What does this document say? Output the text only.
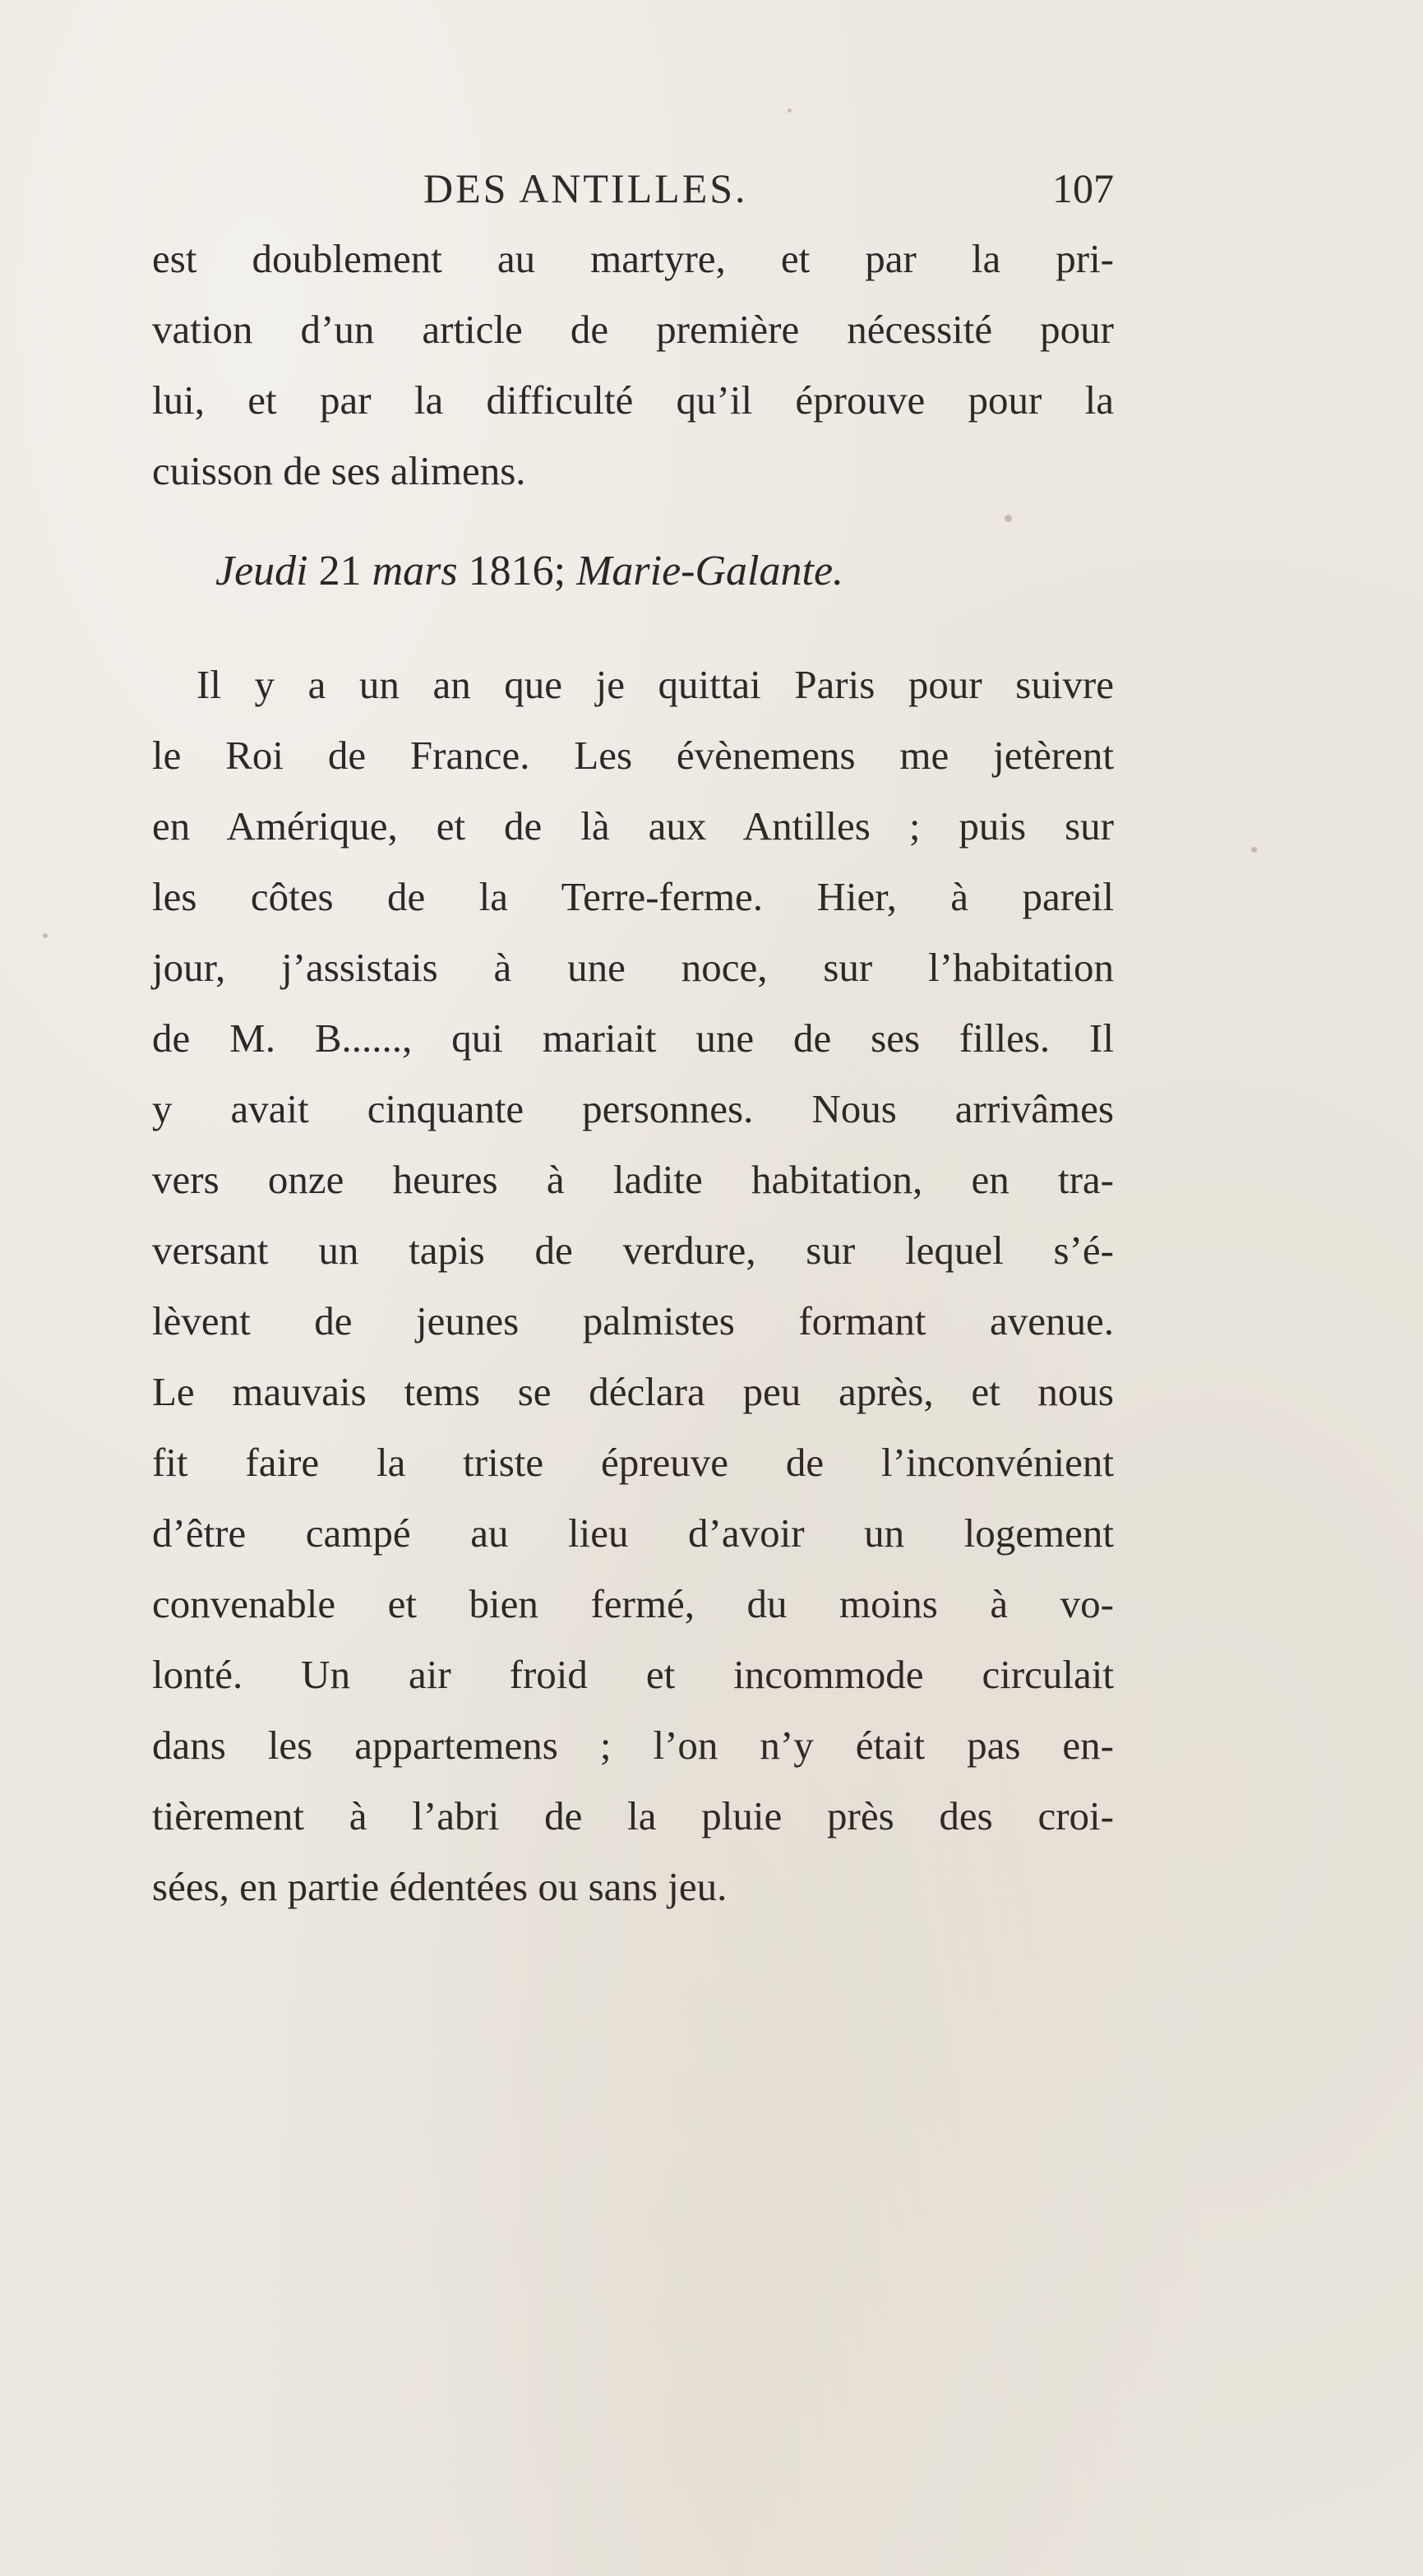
DES ANTILLES.	107
est doublement au martyre, et par la pri-
vation d’un article de première nécessité pour
lui, et par la difficulté qu’il éprouve pour la
cuisson de ses alimens.
Jeudi 21 mars 1816; Marie-Galante.
Il y a un an que je quittai Paris pour suivre
le Roi de France. Les évènemens me jetèrent
en Amérique, et de là aux Antilles ; puis sur
les côtes de la Terre-ferme. Hier, à pareil
jour, j’assistais à une noce, sur l’habitation
de M. B......, qui mariait une de ses filles. Il
y avait cinquante personnes. Nous arrivâmes
vers onze heures à ladite habitation, en tra-
versant un tapis de verdure, sur lequel s’é-
lèvent de jeunes palmistes formant avenue.
Le mauvais tems se déclara peu après, et nous
fit faire la triste épreuve de l’inconvénient
d’être campé au lieu d’avoir un logement
convenable et bien fermé, du moins à vo-
lonté. Un air froid et incommode circulait
dans les appartemens ; l’on n’y était pas en-
tièrement à l’abri de la pluie près des croi-
sées, en partie édentées ou sans jeu.
